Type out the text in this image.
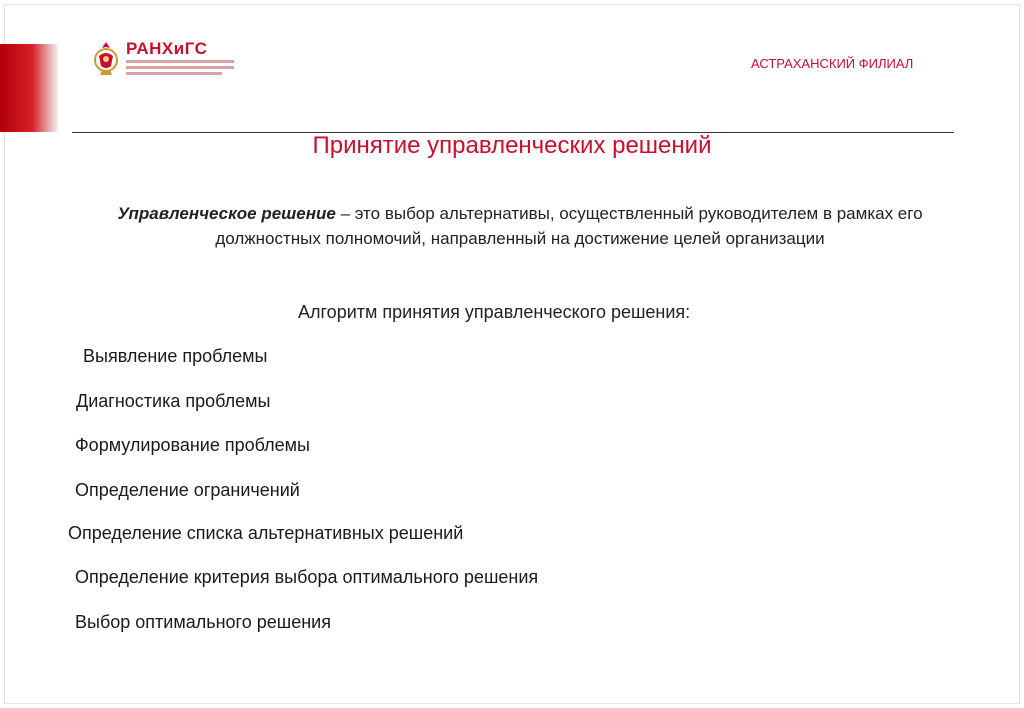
РАНХиГС
АСТРАХАНСКИЙ ФИЛИАЛ
Принятие управленческих решений
Управленческое решение – это выбор альтернативы, осуществленный руководителем в рамках его должностных полномочий, направленный на достижение целей организации
Алгоритм принятия управленческого решения:
Выявление проблемы
Диагностика проблемы
Формулирование проблемы
Определение ограничений
Определение списка альтернативных решений
Определение критерия выбора оптимального решения
Выбор оптимального решения
